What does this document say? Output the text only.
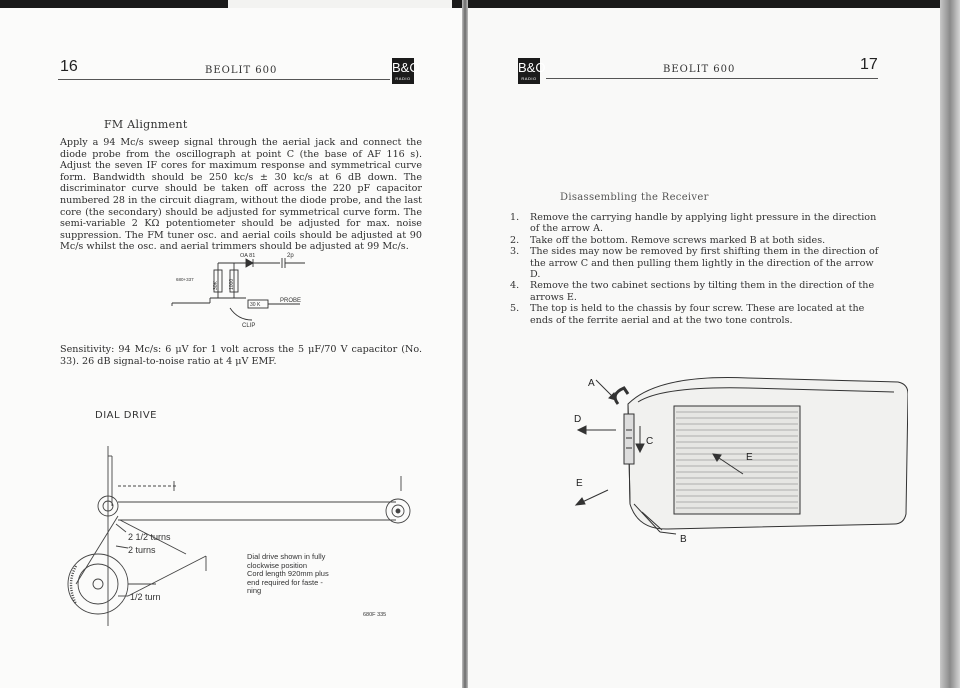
16	BEOLIT 600	B&O
RADIO
FM Alignment
Apply a 94 Mc/s sweep signal through the aerial jack and connect the diode probe from the oscillograph at point C (the base of AF 116 s). Adjust the seven IF cores for maximum response and symmetrical curve form. Bandwidth should be 250 kc/s ± 30 kc/s at 6 dB down. The discriminator curve should be taken off across the 220 pF capacitor numbered 28 in the circuit diagram, without the diode probe, and the last core (the secondary) should be adjusted for symmetrical curve form. The semi-variable 2 KΩ potentiometer should be adjusted for max. noise suppression. The FM tuner osc. and aerial coils should be adjusted at 90 Mc/s whilst the osc. and aerial trimmers should be adjusted at 99 Mc/s.
OA 81	2p
680+337
30K 1000
30 K
PROBE
CLIP
Sensitivity: 94 Mc/s: 6 μV for 1 volt across the 5 μF/70 V capacitor (No. 33). 26 dB signal-to-noise ratio at 4 μV EMF.
DIAL DRIVE
2 1/2 turns
2 turns
1/2 turn
Dial drive shown in fully
clockwise position
Cord length 920mm plus
end required for faste -
ning
680F 335
B&O
RADIO
BEOLIT 600	17
Disassembling the Receiver
1. Remove the carrying handle by applying light pressure in the direction of the arrow A.
2. Take off the bottom. Remove screws marked B at both sides.
3. The sides may now be removed by first shifting them in the direction of the arrow C and then pulling them lightly in the direction of the arrow D.
4. Remove the two cabinet sections by tilting them in the direction of the arrows E.
5. The top is held to the chassis by four screw. These are located at the ends of the ferrite aerial and at the two tone controls.
A
D
C
E
E
B
